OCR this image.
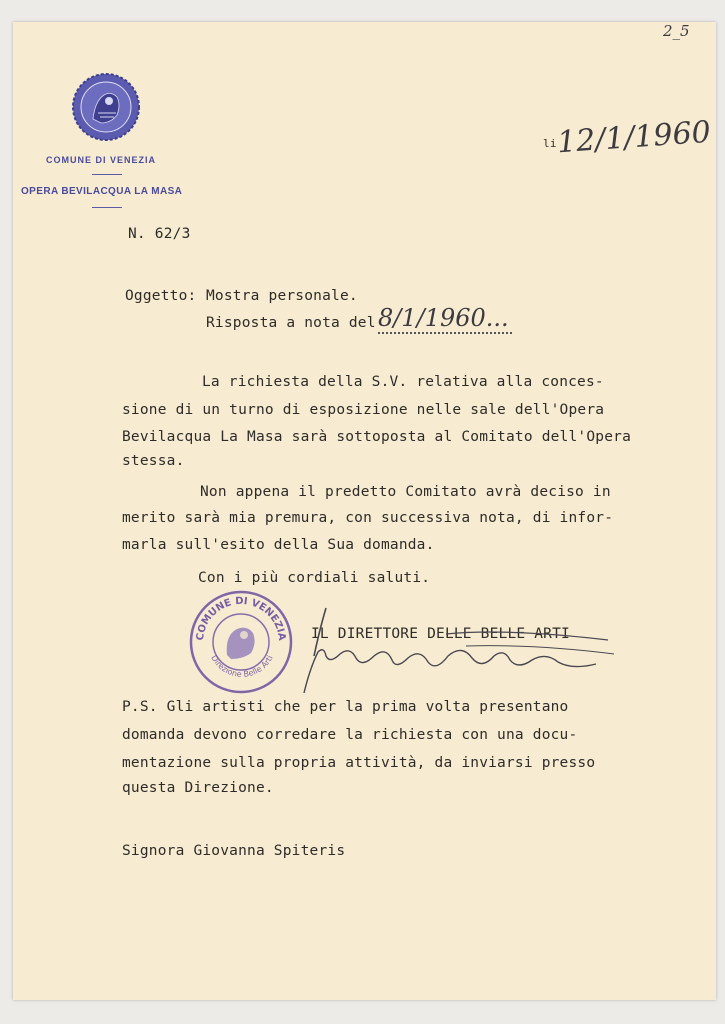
2_5
COMUNE DI VENEZIA
OPERA BEVILACQUA LA MASA
li 12/1/1960
N. 62/3
Oggetto: Mostra personale.
Risposta a nota del 8/1/1960...
La richiesta della S.V. relativa alla conces-
sione di un turno di esposizione nelle sale dell'Opera
Bevilacqua La Masa sarà sottoposta al Comitato dell'Opera
stessa.
Non appena il predetto Comitato avrà deciso in
merito sarà mia premura, con successiva nota, di infor-
marla sull'esito della Sua domanda.
Con i più cordiali saluti.
COMUNE DI VENEZIA
Direzione Belle Arti
IL DIRETTORE DELLE BELLE ARTI
P.S. Gli artisti che per la prima volta presentano
domanda devono corredare la richiesta con una docu-
mentazione sulla propria attività, da inviarsi presso
questa Direzione.
Signora Giovanna Spiteris
